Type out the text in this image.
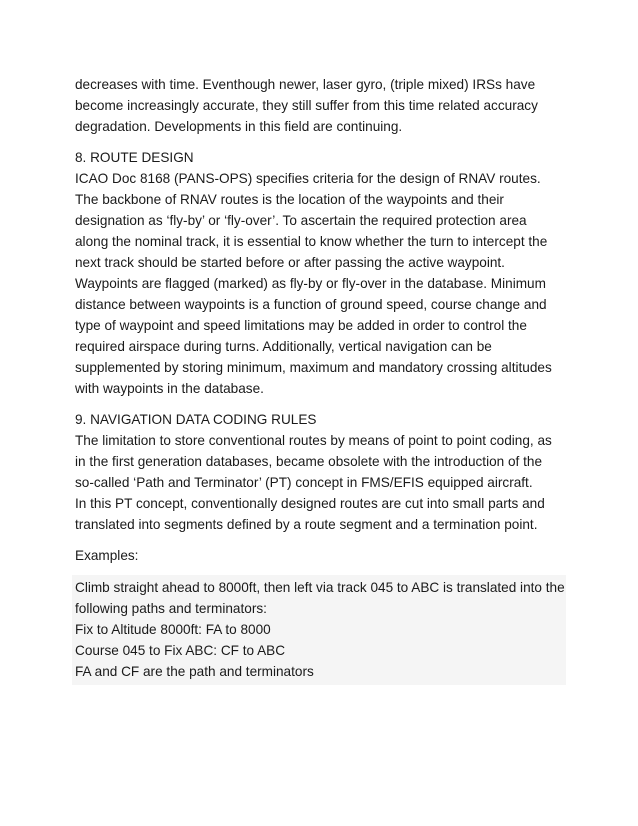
decreases with time. Eventhough newer, laser gyro, (triple mixed) IRSs have

become increasingly accurate, they still suffer from this time related accuracy

degradation. Developments in this field are continuing.

8. ROUTE DESIGN

ICAO Doc 8168 (PANS-OPS) specifies criteria for the design of RNAV routes.

The backbone of RNAV routes is the location of the waypoints and their

designation as ‘fly-by’ or ‘fly-over’. To ascertain the required protection area

along the nominal track, it is essential to know whether the turn to intercept the

next track should be started before or after passing the active waypoint.

Waypoints are flagged (marked) as fly-by or fly-over in the database. Minimum

distance between waypoints is a function of ground speed, course change and

type of waypoint and speed limitations may be added in order to control the

required airspace during turns. Additionally, vertical navigation can be

supplemented by storing minimum, maximum and mandatory crossing altitudes

with waypoints in the database.

9. NAVIGATION DATA CODING RULES

The limitation to store conventional routes by means of point to point coding, as

in the first generation databases, became obsolete with the introduction of the

so-called ‘Path and Terminator’ (PT) concept in FMS/EFIS equipped aircraft.

In this PT concept, conventionally designed routes are cut into small parts and

translated into segments defined by a route segment and a termination point.

Examples:

Climb straight ahead to 8000ft, then left via track 045 to ABC is translated into the

following paths and terminators:

Fix to Altitude 8000ft: FA to 8000

Course 045 to Fix ABC: CF to ABC

FA and CF are the path and terminators
